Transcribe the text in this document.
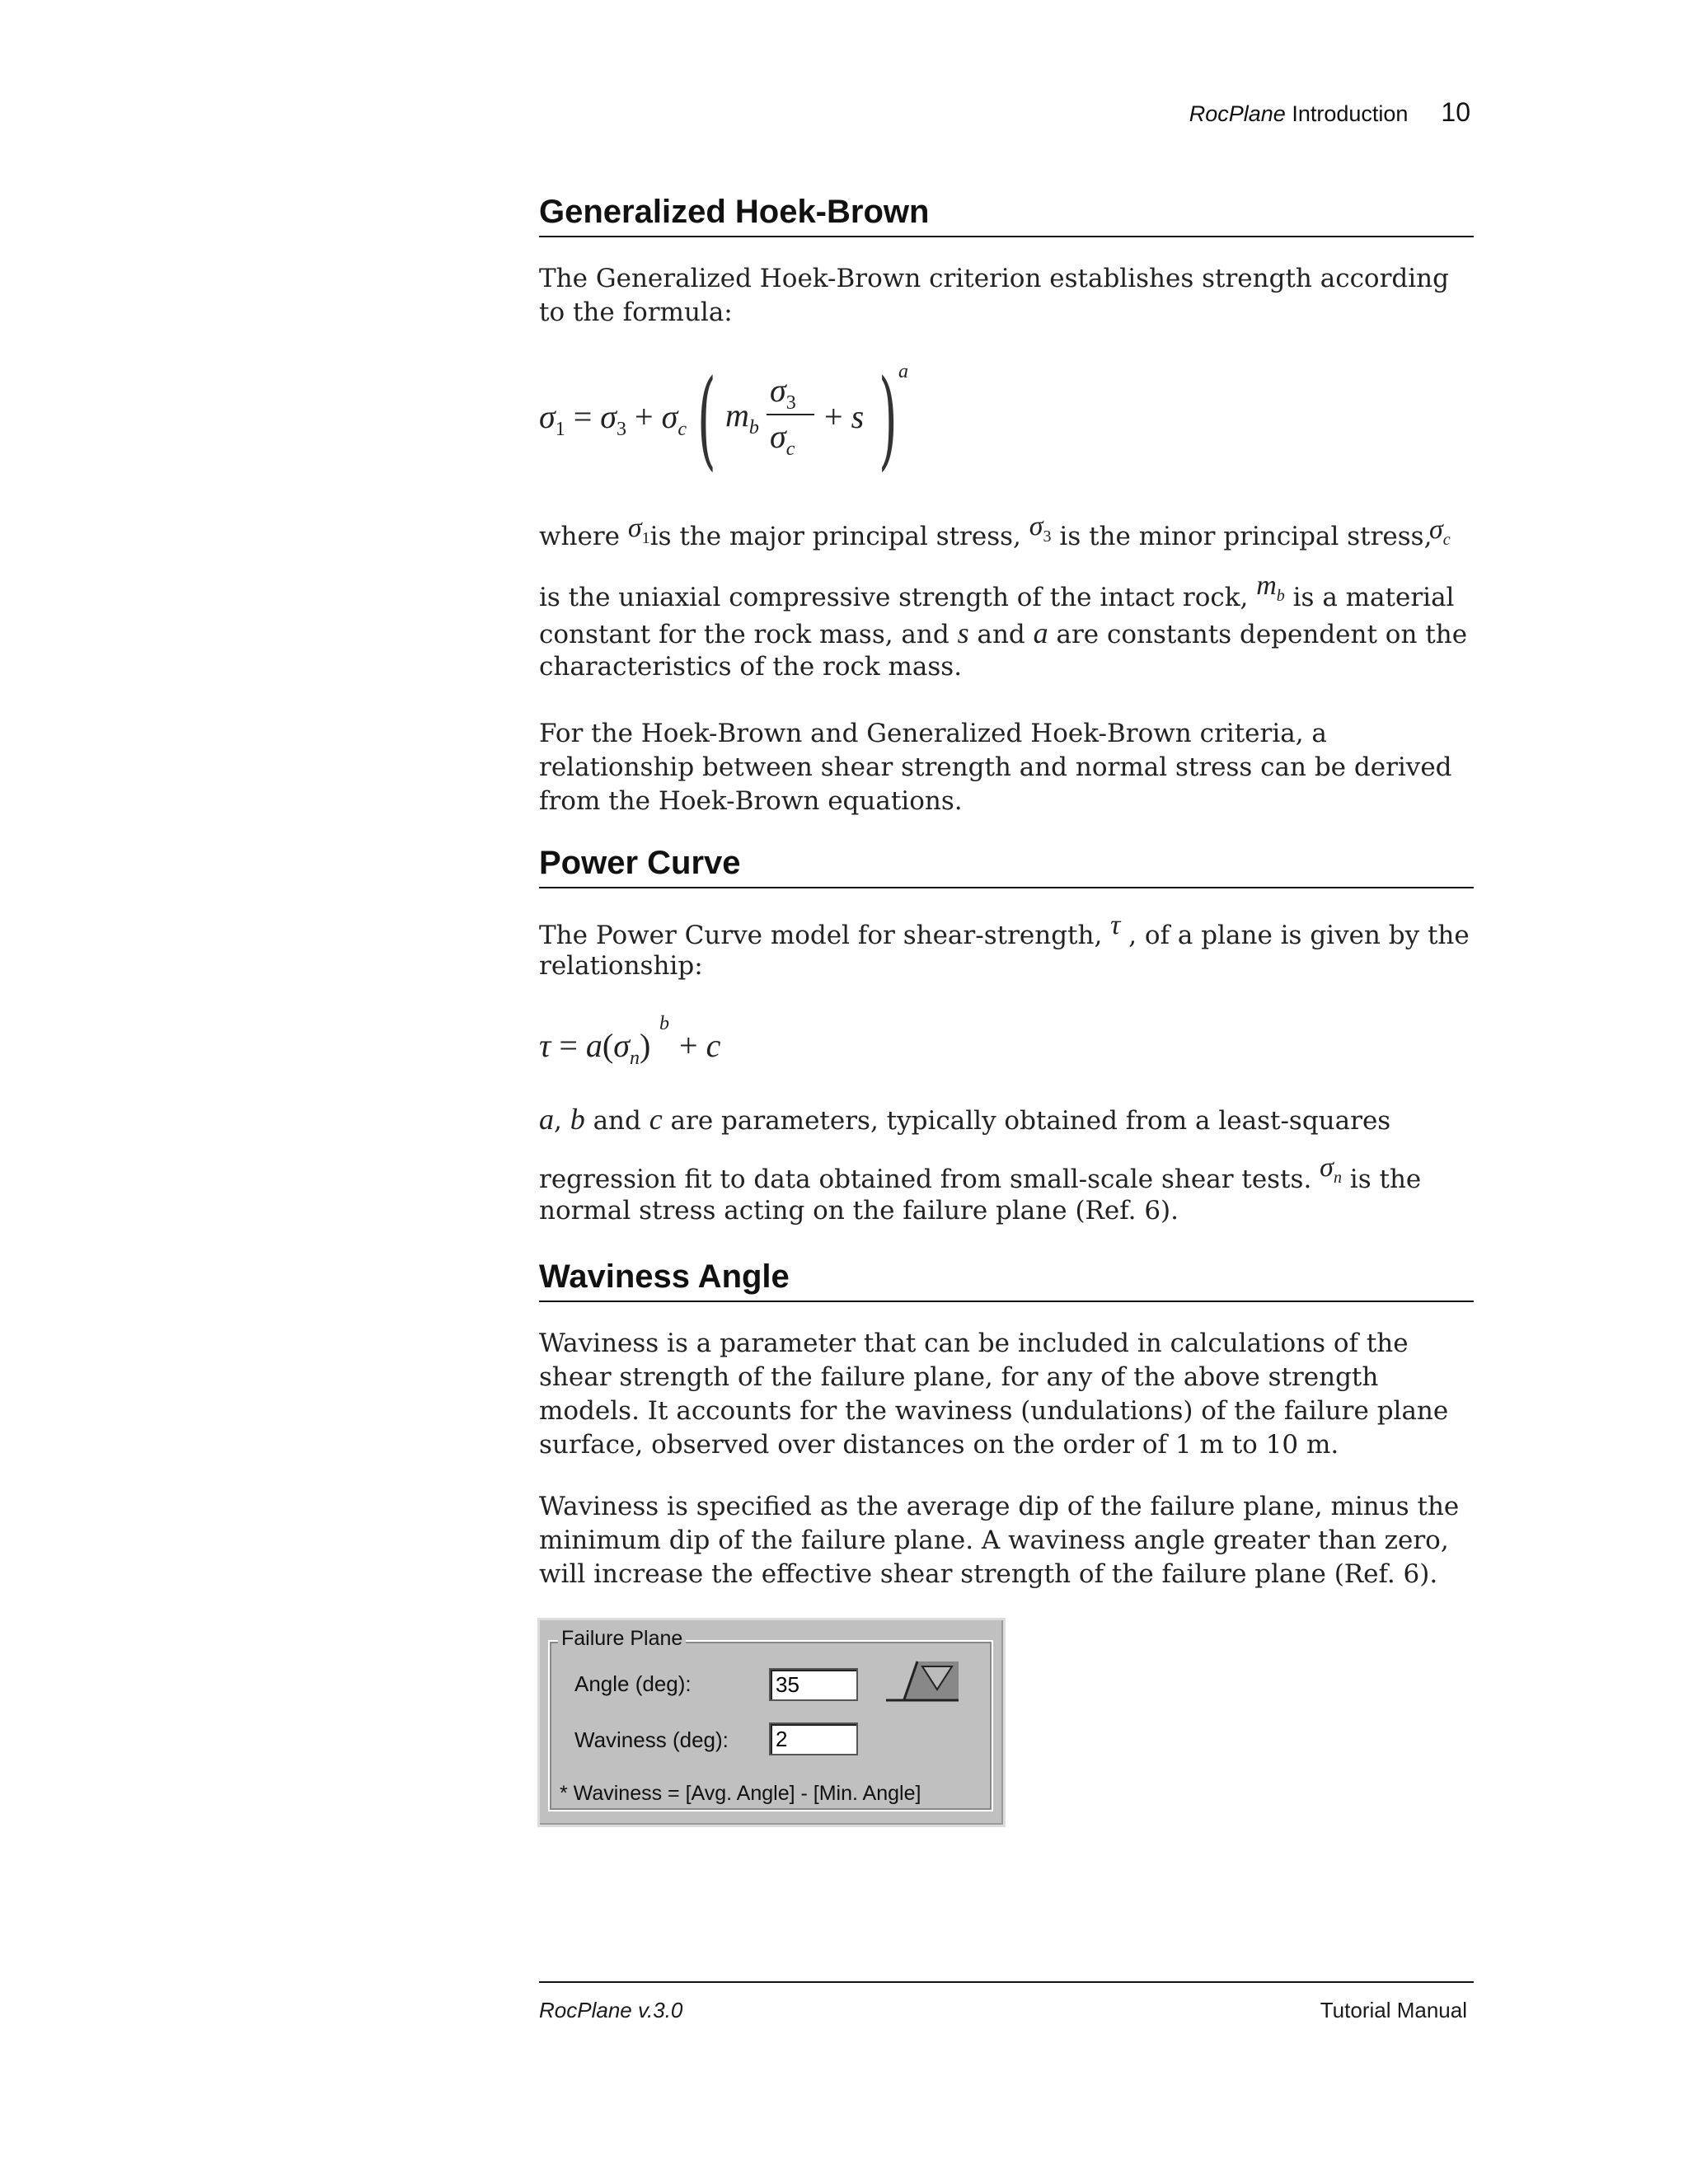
RocPlane Introduction 10
Generalized Hoek-Brown

The Generalized Hoek-Brown criterion establishes strength according to the formula:

$\sigma_1 = \sigma_3 + \sigma_c$ ( $m_b$
$\sigma_3$
$\sigma_c$
+ s ) a
where $\sigma_1is$ the major principal stress, $\sigma_3$ is the minor principal stress,
$\sigma_c$
is the uniaxial compressive strength of the intact rock, $m_b$ is a material
constant for the rock mass, and s and a are constants dependent on the

characteristics of the rock mass.

For the Hoek-Brown and Generalized Hoek-Brown criteria, a relationship between shear strength and normal stress can be derived from the Hoek-Brown equations.

Power Curve
The Power Curve model for shear-strength, τ , of a plane is given by the

relationship:

$\tau = a(\sigma_n)$
b
+ c
a, b and c are parameters, typically obtained from a least-squares
regression fit to data obtained from small-scale shear tests. $\sigma_n$ is the

normal stress acting on the failure plane (Ref. 6).

Waviness Angle

Waviness is a parameter that can be included in calculations of the shear strength of the failure plane, for any of the above strength models. It accounts for the waviness (undulations) of the failure plane surface, observed over distances on the order of 1 m to 10 m.

Waviness is specified as the average dip of the failure plane, minus the minimum dip of the failure plane. A waviness angle greater than zero, will increase the effective shear strength of the failure plane (Ref. 6).

Failure Plane
Angle (deg):
35
Waviness (deg):
2
* Waviness = [Avg. Angle] - [Min. Angle]
RocPlane v.3.0	Tutorial Manual
